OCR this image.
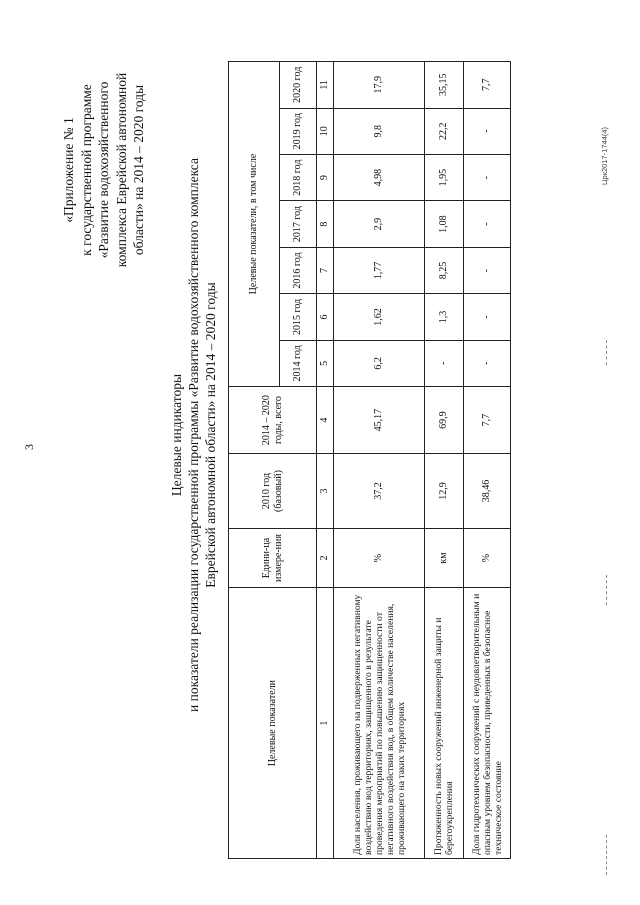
3
«Приложение № 1 к государственной программе «Развитие водохозяйственного комплекса Еврейской автономной области» на 2014 – 2020 годы
Целевые индикаторы и показатели реализации государственной программы «Развитие водохозяйственного комплекса Еврейской автономной области» на 2014 – 2020 годы
Целевые показатели	Едини-ца измере-ния	2010 год (базовый)	2014 – 2020 годы, всего	Целевые показатели, в том числе						
				2014 год	2015 год	2016 год	2017 год	2018 год	2019 год	2020 год
1	2	3	4	5	6	7	8	9	10	11
Доля населения, проживающего на подверженных негативному воздействию вод территориях, защищенного в результате проведения мероприятий по повышению защищенности от негативного воздействия вод, в общем количестве населения, проживающего на таких территориях	%	37,2	45,17	6,2	1,62	1,77	2,9	4,98	9,8	17,9
Протяженность новых сооружений инженерной защиты и берегоукрепления	км	12,9	69,9	-	1,3	8,25	1,08	1,95	22,2	35,15
Доля гидротехнических сооружений с неудовлетворительным и опасным уровнем безопасности, приведенных в безопасное техническое состояние	%	38,46	7,7	-	-	-	-	-	-	7,7
Црк2017-1744(4)
